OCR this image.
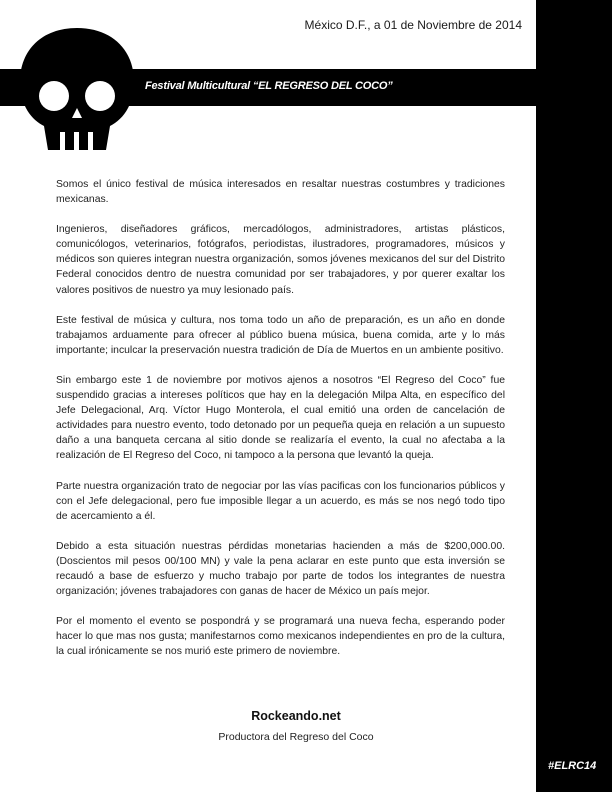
México D.F., a 01 de Noviembre de 2014
Festival Multicultural “EL REGRESO DEL COCO”

Somos el único festival de música interesados en resaltar nuestras costumbres y tradiciones mexicanas.

Ingenieros, diseñadores gráficos, mercadólogos, administradores, artistas plásticos, comunicólogos, veterinarios, fotógrafos, periodistas, ilustradores, programadores, músicos y médicos son quieres integran nuestra organización, somos jóvenes mexicanos del sur del Distrito Federal conocidos dentro de nuestra comunidad por ser trabajadores, y por querer exaltar los valores positivos de nuestro ya muy lesionado país.

Este festival de música y cultura, nos toma todo un año de preparación, es un año en donde trabajamos arduamente para ofrecer al público buena música, buena comida, arte y lo más importante; inculcar la preservación nuestra tradición de Día de Muertos en un ambiente positivo.

Sin embargo este 1 de noviembre por motivos ajenos a nosotros “El Regreso del Coco” fue suspendido gracias a intereses políticos que hay en la delegación Milpa Alta, en específico del Jefe Delegacional, Arq. Víctor Hugo Monterola, el cual emitió una orden de cancelación de actividades para nuestro evento, todo detonado por un pequeña queja en relación a un supuesto daño a una banqueta cercana al sitio donde se realizaría el evento, la cual no afectaba a la realización de El Regreso del Coco, ni tampoco a la persona que levantó la queja.

Parte nuestra organización trato de negociar por las vías pacificas con los funcionarios públicos y con el Jefe delegacional, pero fue imposible llegar a un acuerdo, es más se nos negó todo tipo de acercamiento a él.

Debido a esta situación nuestras pérdidas monetarias hacienden a más de $200,000.00. (Doscientos mil pesos 00/100 MN) y vale la pena aclarar en este punto que esta inversión se recaudó a base de esfuerzo y mucho trabajo por parte de todos los integrantes de nuestra organización; jóvenes trabajadores con ganas de hacer de México un país mejor.

Por el momento el evento se pospondrá y se programará una nueva fecha, esperando poder hacer lo que mas nos gusta; manifestarnos como mexicanos independientes en pro de la cultura, la cual irónicamente se nos murió este primero de noviembre.

Rockeando.net
Productora del Regreso del Coco
#ELRC14
